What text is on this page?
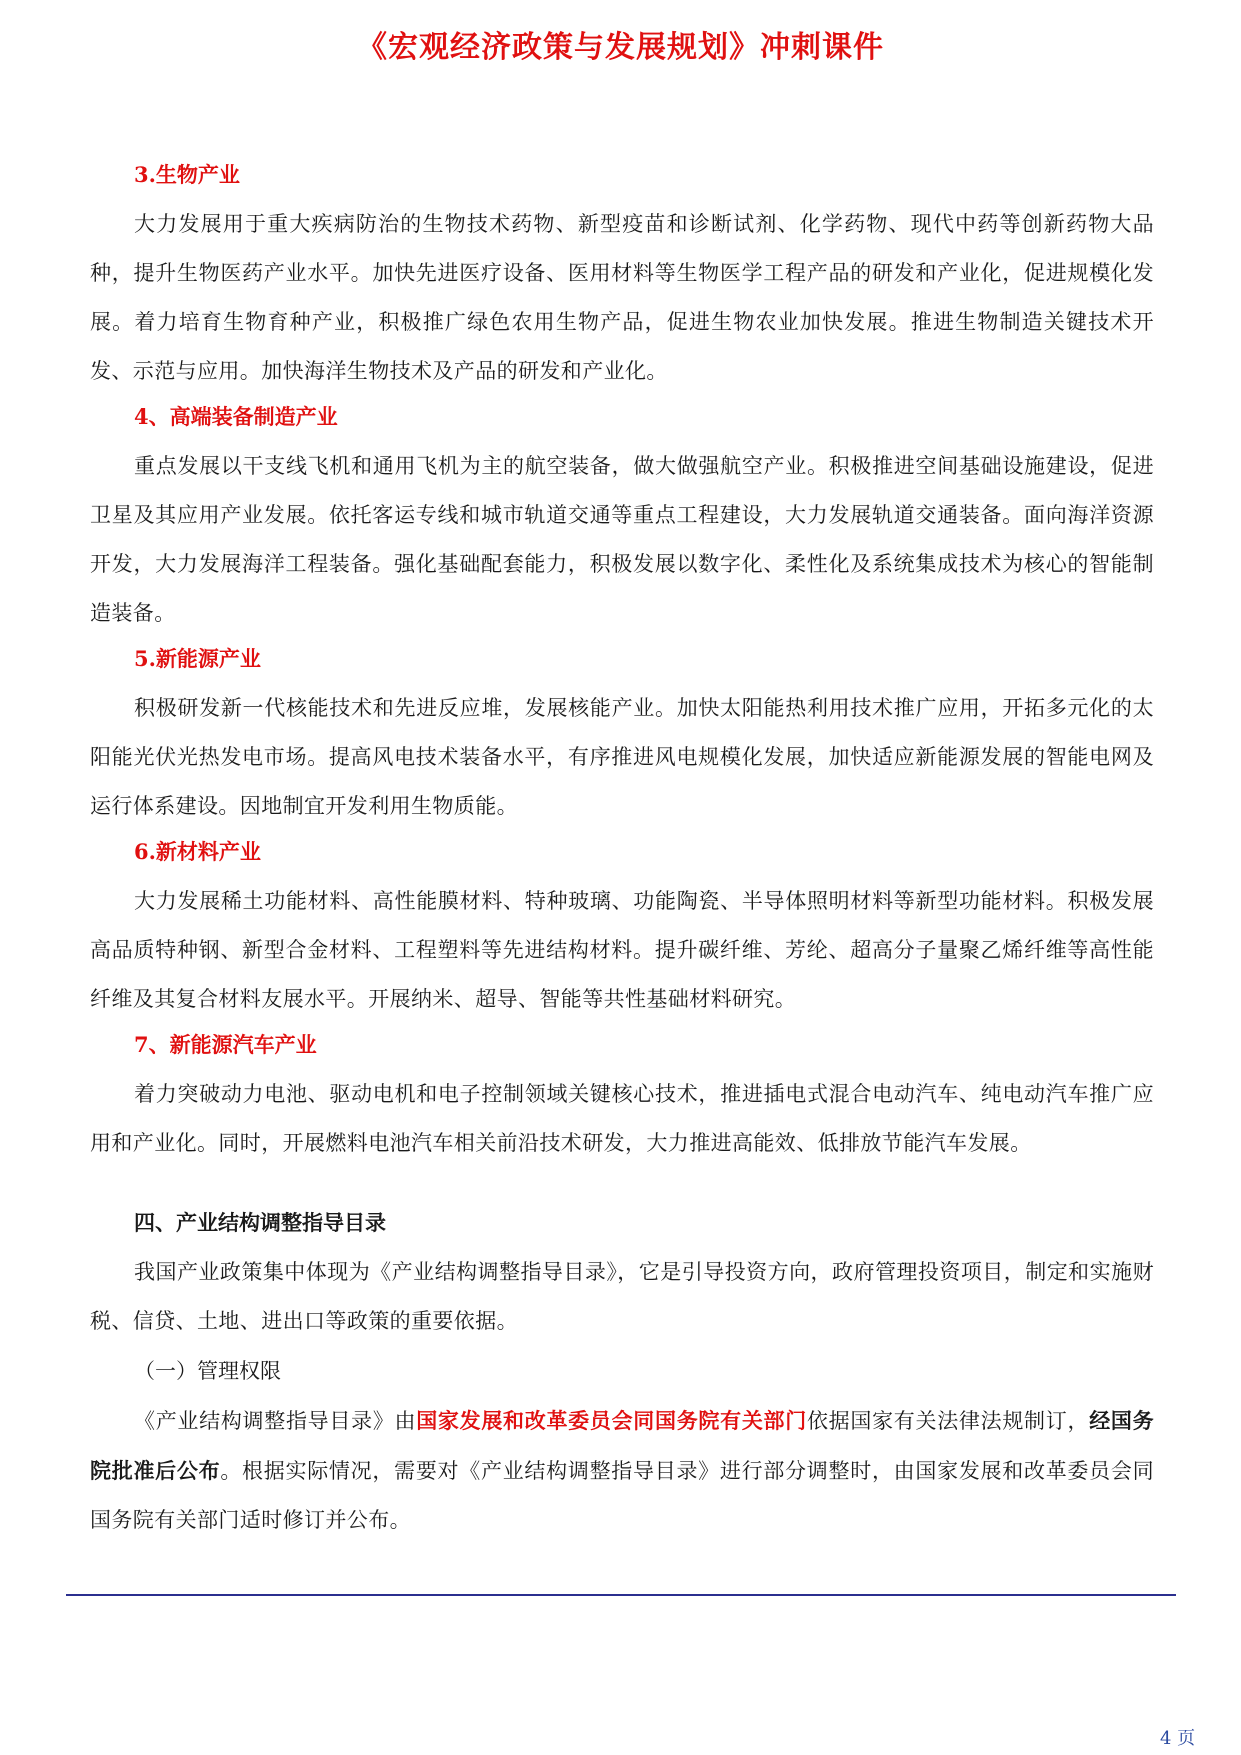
《宏观经济政策与发展规划》冲刺课件
3.生物产业

大力发展用于重大疾病防治的生物技术药物、新型疫苗和诊断试剂、化学药物、现代中药等创新药物大品种，提升生物医药产业水平。加快先进医疗设备、医用材料等生物医学工程产品的研发和产业化，促进规模化发展。着力培育生物育种产业，积极推广绿色农用生物产品，促进生物农业加快发展。推进生物制造关键技术开发、示范与应用。加快海洋生物技术及产品的研发和产业化。

4、高端装备制造产业

重点发展以干支线飞机和通用飞机为主的航空装备，做大做强航空产业。积极推进空间基础设施建设，促进卫星及其应用产业发展。依托客运专线和城市轨道交通等重点工程建设，大力发展轨道交通装备。面向海洋资源开发，大力发展海洋工程装备。强化基础配套能力，积极发展以数字化、柔性化及系统集成技术为核心的智能制造装备。

5.新能源产业

积极研发新一代核能技术和先进反应堆，发展核能产业。加快太阳能热利用技术推广应用，开拓多元化的太阳能光伏光热发电市场。提高风电技术装备水平，有序推进风电规模化发展，加快适应新能源发展的智能电网及运行体系建设。因地制宜开发利用生物质能。

6.新材料产业

大力发展稀土功能材料、高性能膜材料、特种玻璃、功能陶瓷、半导体照明材料等新型功能材料。积极发展高品质特种钢、新型合金材料、工程塑料等先进结构材料。提升碳纤维、芳纶、超高分子量聚乙烯纤维等高性能纤维及其复合材料友展水平。开展纳米、超导、智能等共性基础材料研究。

7、新能源汽车产业

着力突破动力电池、驱动电机和电子控制领域关键核心技术，推进插电式混合电动汽车、纯电动汽车推广应用和产业化。同时，开展燃料电池汽车相关前沿技术研发，大力推进高能效、低排放节能汽车发展。

四、产业结构调整指导目录

我国产业政策集中体现为《产业结构调整指导目录》，它是引导投资方向，政府管理投资项目，制定和实施财税、信贷、土地、进出口等政策的重要依据。

（一）管理权限

《产业结构调整指导目录》由国家发展和改革委员会同国务院有关部门依据国家有关法律法规制订，经国务院批准后公布。根据实际情况，需要对《产业结构调整指导目录》进行部分调整时，由国家发展和改革委员会同国务院有关部门适时修订并公布。

4 页
